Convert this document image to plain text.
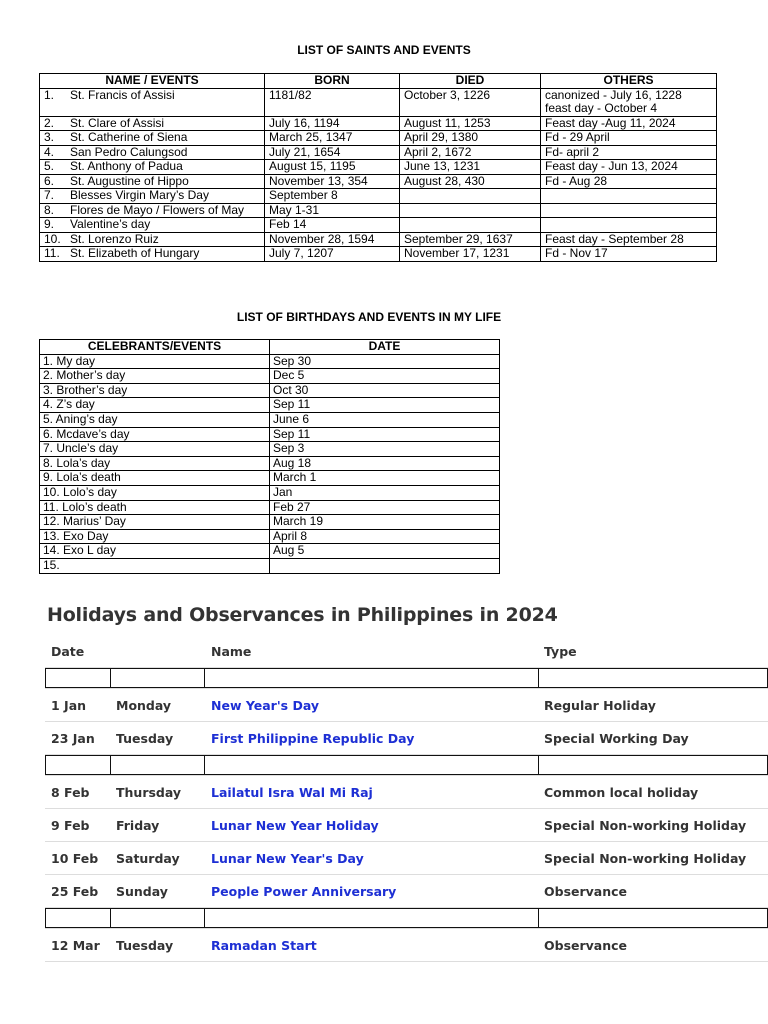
LIST OF SAINTS AND EVENTS
NAME / EVENTS	BORN	DIED	OTHERS

1. St. Francis of Assisi	1181/82	October 3, 1226	canonized - July 16, 1228
feast day - October 4

2. St. Clare of Assisi	July 16, 1194	August 11, 1253	Feast day -Aug 11, 2024

3. St. Catherine of Siena	March 25, 1347	April 29, 1380	Fd - 29 April

4. San Pedro Calungsod	July 21, 1654	April 2, 1672	Fd- april 2

5. St. Anthony of Padua	August 15, 1195	June 13, 1231	Feast day - Jun 13, 2024

6. St. Augustine of Hippo	November 13, 354	August 28, 430	Fd - Aug 28

7. Blesses Virgin Mary’s Day	September 8		

8. Flores de Mayo / Flowers of May	May 1-31		

9. Valentine’s day	Feb 14		

10. St. Lorenzo Ruiz	November 28, 1594	September 29, 1637	Feast day - September 28

11. St. Elizabeth of Hungary	July 7, 1207	November 17, 1231	Fd - Nov 17
LIST OF BIRTHDAYS AND EVENTS IN MY LIFE
CELEBRANTS/EVENTS	DATE
1. My day	Sep 30
2. Mother’s day	Dec 5
3. Brother’s day	Oct 30
4. Z’s day	Sep 11
5. Aning’s day	June 6
6. Mcdave’s day	Sep 11
7. Uncle’s day	Sep 3
8. Lola’s day	Aug 18
9. Lola’s death	March 1
10. Lolo’s day	Jan
11. Lolo’s death	Feb 27
12. Marius’ Day	March 19
13. Exo Day	April 8
14. Exo L day	Aug 5
15.	
Holidays and Observances in Philippines in 2024
Date	Name	Type
1 Jan Monday	New Year's Day	Regular Holiday
23 Jan Tuesday	First Philippine Republic Day	Special Working Day
8 Feb Thursday Lailatul Isra Wal Mi Raj	Common local holiday
9 Feb Friday	Lunar New Year Holiday	Special Non-working Holiday
10 Feb Saturday	Lunar New Year's Day	Special Non-working Holiday
25 Feb Sunday	People Power Anniversary	Observance
12 Mar Tuesday	Ramadan Start	Observance
